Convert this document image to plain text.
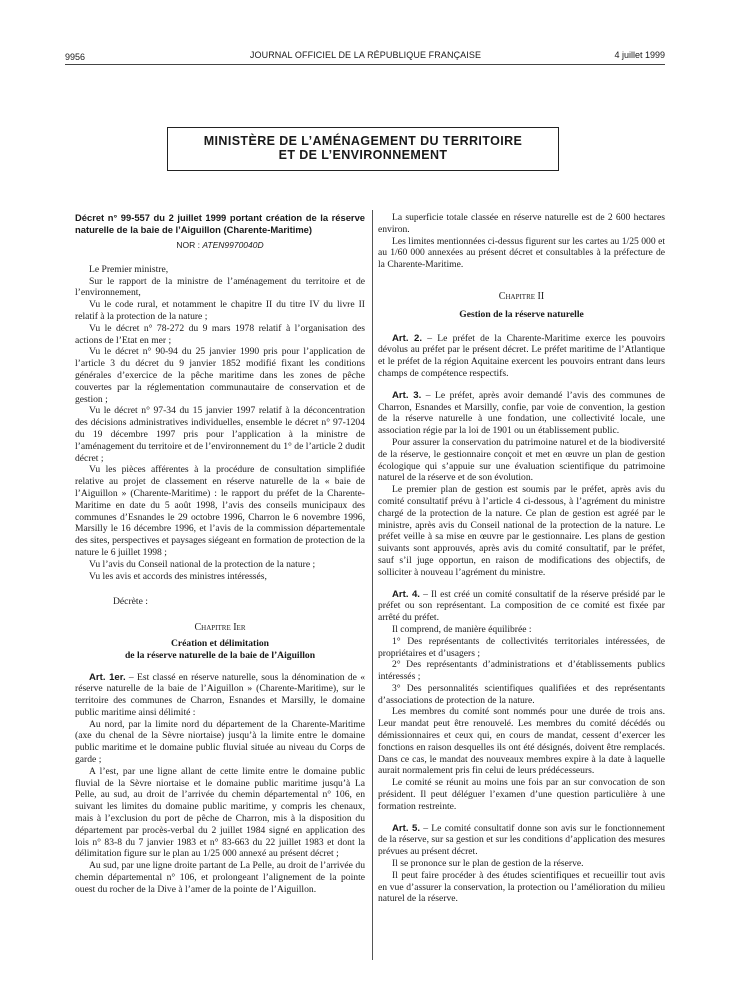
9956	JOURNAL OFFICIEL DE LA RÉPUBLIQUE FRANÇAISE	4 juillet 1999
MINISTÈRE DE L’AMÉNAGEMENT DU TERRITOIRE
ET DE L’ENVIRONNEMENT

Décret n° 99-557 du 2 juillet 1999 portant création de la réserve naturelle de la baie de l’Aiguillon (Charente-Maritime)

NOR : ATEN9970040D

Le Premier ministre,

Sur le rapport de la ministre de l’aménagement du territoire et de l’environnement,

Vu le code rural, et notamment le chapitre II du titre IV du livre II relatif à la protection de la nature ;

Vu le décret n° 78-272 du 9 mars 1978 relatif à l’organisation des actions de l’Etat en mer ;

Vu le décret n° 90-94 du 25 janvier 1990 pris pour l’application de l’article 3 du décret du 9 janvier 1852 modifié fixant les conditions générales d’exercice de la pêche maritime dans les zones de pêche couvertes par la réglementation communautaire de conservation et de gestion ;

Vu le décret n° 97-34 du 15 janvier 1997 relatif à la déconcentration des décisions administratives individuelles, ensemble le décret n° 97-1204 du 19 décembre 1997 pris pour l’application à la ministre de l’aménagement du territoire et de l’environnement du 1° de l’article 2 dudit décret ;

Vu les pièces afférentes à la procédure de consultation simplifiée relative au projet de classement en réserve naturelle de la « baie de l’Aiguillon » (Charente-Maritime) : le rapport du préfet de la Charente-Maritime en date du 5 août 1998, l’avis des conseils municipaux des communes d’Esnandes le 29 octobre 1996, Charron le 6 novembre 1996, Marsilly le 16 décembre 1996, et l’avis de la commission départementale des sites, perspectives et paysages siégeant en formation de protection de la nature le 6 juillet 1998 ;

Vu l’avis du Conseil national de la protection de la nature ;

Vu les avis et accords des ministres intéressés,

Décrète :

Chapitre Ier

Création et délimitation

de la réserve naturelle de la baie de l’Aiguillon

Art. 1er. – Est classé en réserve naturelle, sous la dénomination de « réserve naturelle de la baie de l’Aiguillon » (Charente-Maritime), sur le territoire des communes de Charron, Esnandes et Marsilly, le domaine public maritime ainsi délimité :

Au nord, par la limite nord du département de la Charente-Maritime (axe du chenal de la Sèvre niortaise) jusqu’à la limite entre le domaine public maritime et le domaine public fluvial située au niveau du Corps de garde ;

A l’est, par une ligne allant de cette limite entre le domaine public fluvial de la Sèvre niortaise et le domaine public maritime jusqu’à La Pelle, au sud, au droit de l’arrivée du chemin départemental n° 106, en suivant les limites du domaine public maritime, y compris les chenaux, mais à l’exclusion du port de pêche de Charron, mis à la disposition du département par procès-verbal du 2 juillet 1984 signé en application des lois n° 83-8 du 7 janvier 1983 et n° 83-663 du 22 juillet 1983 et dont la délimitation figure sur le plan au 1/25 000 annexé au présent décret ;

Au sud, par une ligne droite partant de La Pelle, au droit de l’arrivée du chemin départemental n° 106, et prolongeant l’alignement de la pointe ouest du rocher de la Dive à l’amer de la pointe de l’Aiguillon.

La superficie totale classée en réserve naturelle est de 2 600 hectares environ.

Les limites mentionnées ci-dessus figurent sur les cartes au 1/25 000 et au 1/60 000 annexées au présent décret et consultables à la préfecture de la Charente-Maritime.

Chapitre II

Gestion de la réserve naturelle

Art. 2. – Le préfet de la Charente-Maritime exerce les pouvoirs dévolus au préfet par le présent décret. Le préfet maritime de l’Atlantique et le préfet de la région Aquitaine exercent les pouvoirs entrant dans leurs champs de compétence respectifs.

Art. 3. – Le préfet, après avoir demandé l’avis des communes de Charron, Esnandes et Marsilly, confie, par voie de convention, la gestion de la réserve naturelle à une fondation, une collectivité locale, une association régie par la loi de 1901 ou un établissement public.

Pour assurer la conservation du patrimoine naturel et de la biodiversité de la réserve, le gestionnaire conçoit et met en œuvre un plan de gestion écologique qui s’appuie sur une évaluation scientifique du patrimoine naturel de la réserve et de son évolution.

Le premier plan de gestion est soumis par le préfet, après avis du comité consultatif prévu à l’article 4 ci-dessous, à l’agrément du ministre chargé de la protection de la nature. Ce plan de gestion est agréé par le ministre, après avis du Conseil national de la protection de la nature. Le préfet veille à sa mise en œuvre par le gestionnaire. Les plans de gestion suivants sont approuvés, après avis du comité consultatif, par le préfet, sauf s’il juge opportun, en raison de modifications des objectifs, de solliciter à nouveau l’agrément du ministre.

Art. 4. – Il est créé un comité consultatif de la réserve présidé par le préfet ou son représentant. La composition de ce comité est fixée par arrêté du préfet.

Il comprend, de manière équilibrée :

1° Des représentants de collectivités territoriales intéressées, de propriétaires et d’usagers ;

2° Des représentants d’administrations et d’établissements publics intéressés ;

3° Des personnalités scientifiques qualifiées et des représentants d’associations de protection de la nature.

Les membres du comité sont nommés pour une durée de trois ans. Leur mandat peut être renouvelé. Les membres du comité décédés ou démissionnaires et ceux qui, en cours de mandat, cessent d’exercer les fonctions en raison desquelles ils ont été désignés, doivent être remplacés. Dans ce cas, le mandat des nouveaux membres expire à la date à laquelle aurait normalement pris fin celui de leurs prédécesseurs.

Le comité se réunit au moins une fois par an sur convocation de son président. Il peut déléguer l’examen d’une question particulière à une formation restreinte.

Art. 5. – Le comité consultatif donne son avis sur le fonctionnement de la réserve, sur sa gestion et sur les conditions d’application des mesures prévues au présent décret.

Il se prononce sur le plan de gestion de la réserve.

Il peut faire procéder à des études scientifiques et recueillir tout avis en vue d’assurer la conservation, la protection ou l’amélioration du milieu naturel de la réserve.
